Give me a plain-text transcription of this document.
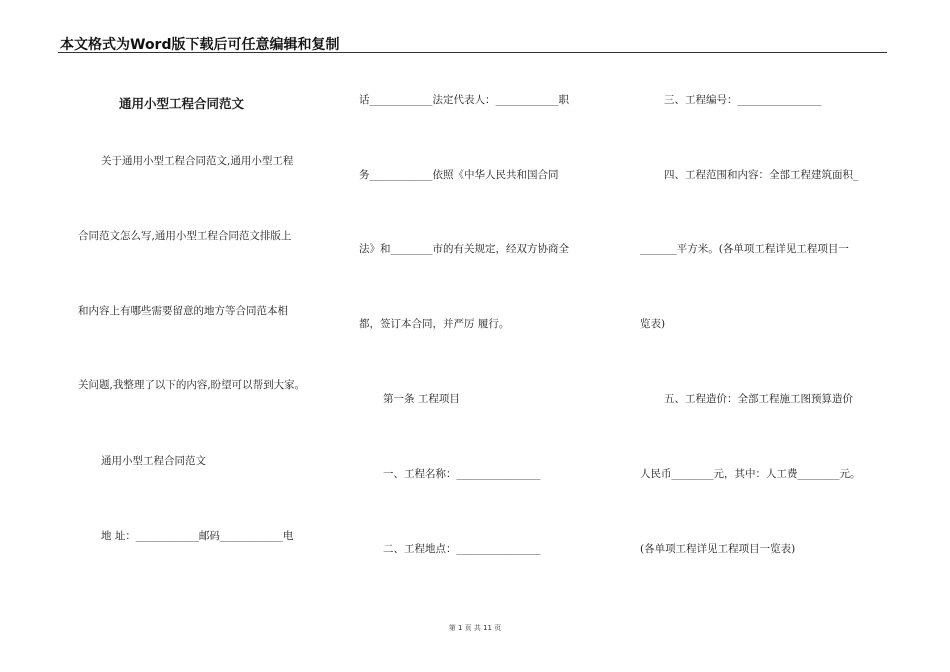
本文格式为Word版下载后可任意编辑和复制
通用小型工程合同范文
关于通用小型工程合同范文,通用小型工程
合同范文怎么写,通用小型工程合同范文排版上
和内容上有哪些需要留意的地方等合同范本相
关问题,我整理了以下的内容,盼望可以帮到大家。
通用小型工程合同范文
地 址：____________邮码____________电
话____________法定代表人：____________职
务____________依照《中华人民共和国合同
法》和________市的有关规定，经双方协商全
都，签订本合同，并严厉 履行。
第一条 工程项目
一、工程名称：________________
二、工程地点：________________
三、工程编号：________________
四、工程范围和内容：全部工程建筑面积_
_______平方米。(各单项工程详见工程项目一
览表)
五、工程造价：全部工程施工图预算造价
人民币________元，其中：人工费________元。
(各单项工程详见工程项目一览表)
第 1 页 共 11 页
